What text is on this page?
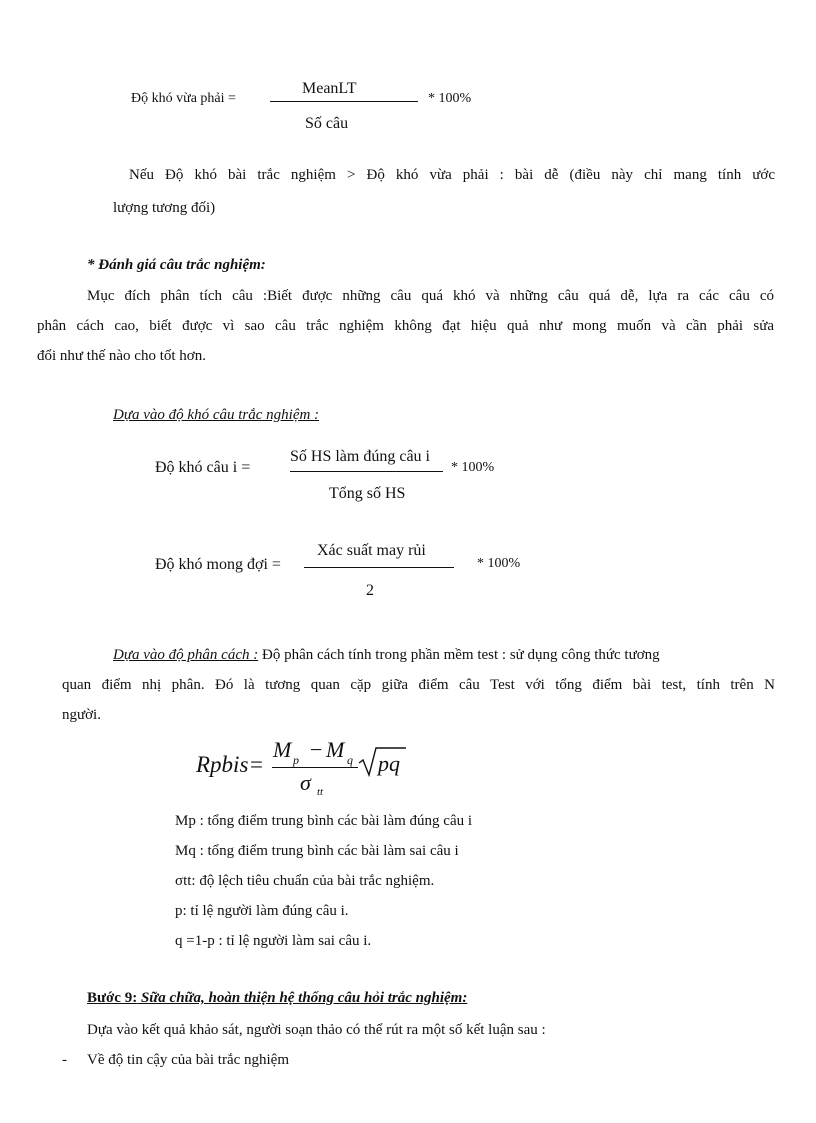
Độ khó vừa phải =
MeanLT
Số câu
* 100%
Nếu Độ khó bài trắc nghiệm > Độ khó vừa phải : bài dễ (điều này chỉ mang tính ước
lượng tương đối)
* Đánh giá câu trắc nghiệm:
Mục đích phân tích câu :Biết được những câu quá khó và những câu quá dễ, lựa ra các câu có
phân cách cao, biết được vì sao câu trắc nghiệm không đạt hiệu quả như mong muốn và cần phải sửa
đổi như thế nào cho tốt hơn.
Dựa vào độ khó câu trắc nghiệm :
Độ khó câu i =
Số HS làm đúng câu i
Tổng số HS
* 100%
Độ khó mong đợi =
Xác suất may rủi
2
* 100%
Dựa vào độ phân cách : Độ phân cách tính trong phần mềm test : sử dụng công thức tương
quan điểm nhị phân. Đó là tương quan cặp giữa điểm câu Test với tổng điểm bài test, tính trên N
người.
Rpbis =
M p − M q
σ tt
pq
Mp : tổng điểm trung bình các bài làm đúng câu i
Mq : tổng điểm trung bình các bài làm sai câu i
σtt: độ lệch tiêu chuẩn của bài trắc nghiệm.
p: tỉ lệ người làm đúng câu i.
q =1-p : tỉ lệ người làm sai câu i.
Bước 9: Sữa chữa, hoàn thiện hệ thống câu hỏi trắc nghiệm:
Dựa vào kết quả khảo sát, người soạn thảo có thể rút ra một số kết luận sau :
- Về độ tin cậy của bài trắc nghiệm
